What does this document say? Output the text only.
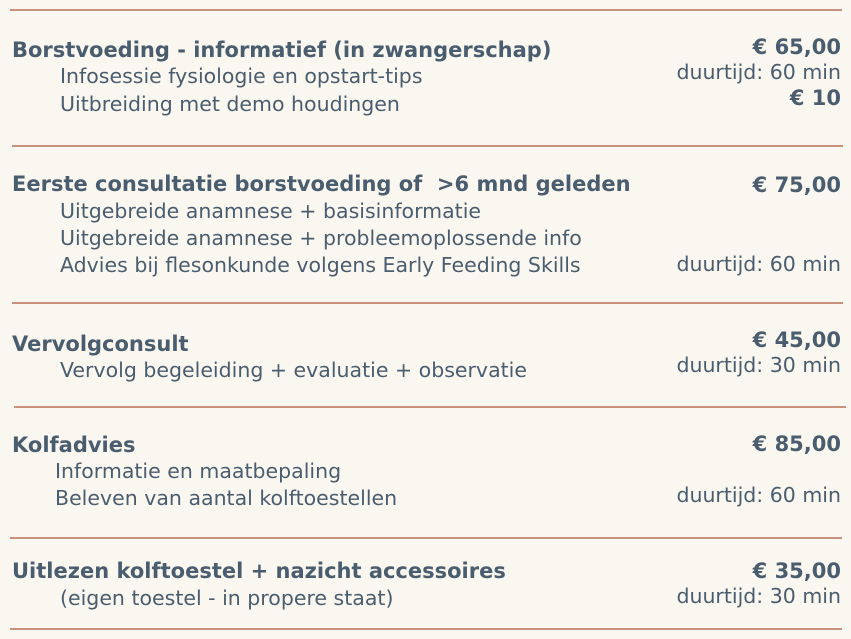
Borstvoeding - informatief (in zwangerschap)
Infosessie fysiologie en opstart-tips
Uitbreiding met demo houdingen
€ 65,00
duurtijd: 60 min
€ 10
Eerste consultatie borstvoeding of  >6 mnd geleden
Uitgebreide anamnese + basisinformatie
Uitgebreide anamnese + probleemoplossende info
Advies bij flesonkunde volgens Early Feeding Skills
€ 75,00
duurtijd: 60 min
Vervolgconsult
Vervolg begeleiding + evaluatie + observatie
€ 45,00
duurtijd: 30 min
Kolfadvies
Informatie en maatbepaling
Beleven van aantal kolftoestellen
€ 85,00
duurtijd: 60 min
Uitlezen kolftoestel + nazicht accessoires
(eigen toestel - in propere staat)
€ 35,00
duurtijd: 30 min
